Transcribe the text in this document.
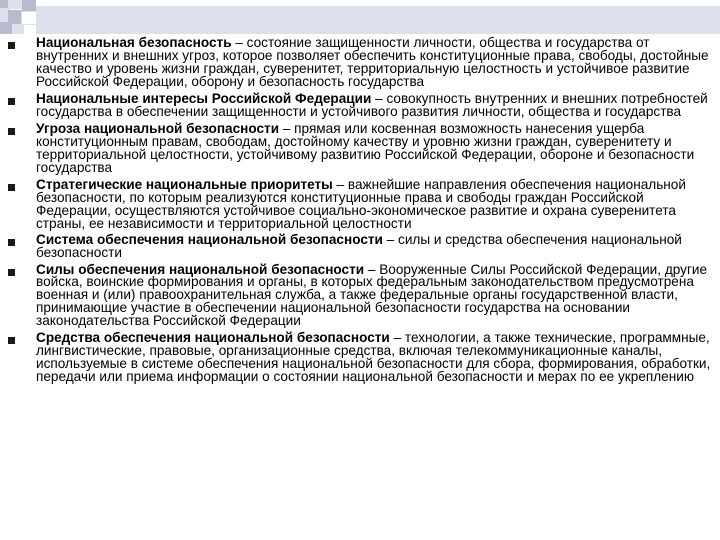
Национальная безопасность – состояние защищенности личности, общества и государства от внутренних и внешних угроз, которое позволяет обеспечить конституционные права, свободы, достойные качество и уровень жизни граждан, суверенитет, территориальную целостность и устойчивое развитие Российской Федерации, оборону и безопасность государства
Национальные интересы Российской Федерации – совокупность внутренних и внешних потребностей государства в обеспечении защищенности и устойчивого развития личности, общества и государства
Угроза национальной безопасности – прямая или косвенная возможность нанесения ущерба конституционным правам, свободам, достойному качеству и уровню жизни граждан, суверенитету и территориальной целостности, устойчивому развитию Российской Федерации, обороне и безопасности государства
Стратегические национальные приоритеты – важнейшие направления обеспечения национальной безопасности, по которым реализуются конституционные права и свободы граждан Российской Федерации, осуществляются устойчивое социально-экономическое развитие и охрана суверенитета страны, ее независимости и территориальной целостности
Система обеспечения национальной безопасности – силы и средства обеспечения национальной безопасности
Силы обеспечения национальной безопасности – Вооруженные Силы Российской Федерации, другие войска, воинские формирования и органы, в которых федеральным законодательством предусмотрена военная и (или) правоохранительная служба, а также федеральные органы государственной власти, принимающие участие в обеспечении национальной безопасности государства на основании законодательства Российской Федерации
Средства обеспечения национальной безопасности – технологии, а также технические, программные, лингвистические, правовые, организационные средства, включая телекоммуникационные каналы, используемые в системе обеспечения национальной безопасности для сбора, формирования, обработки, передачи или приема информации о состоянии национальной безопасности и мерах по ее укреплению
